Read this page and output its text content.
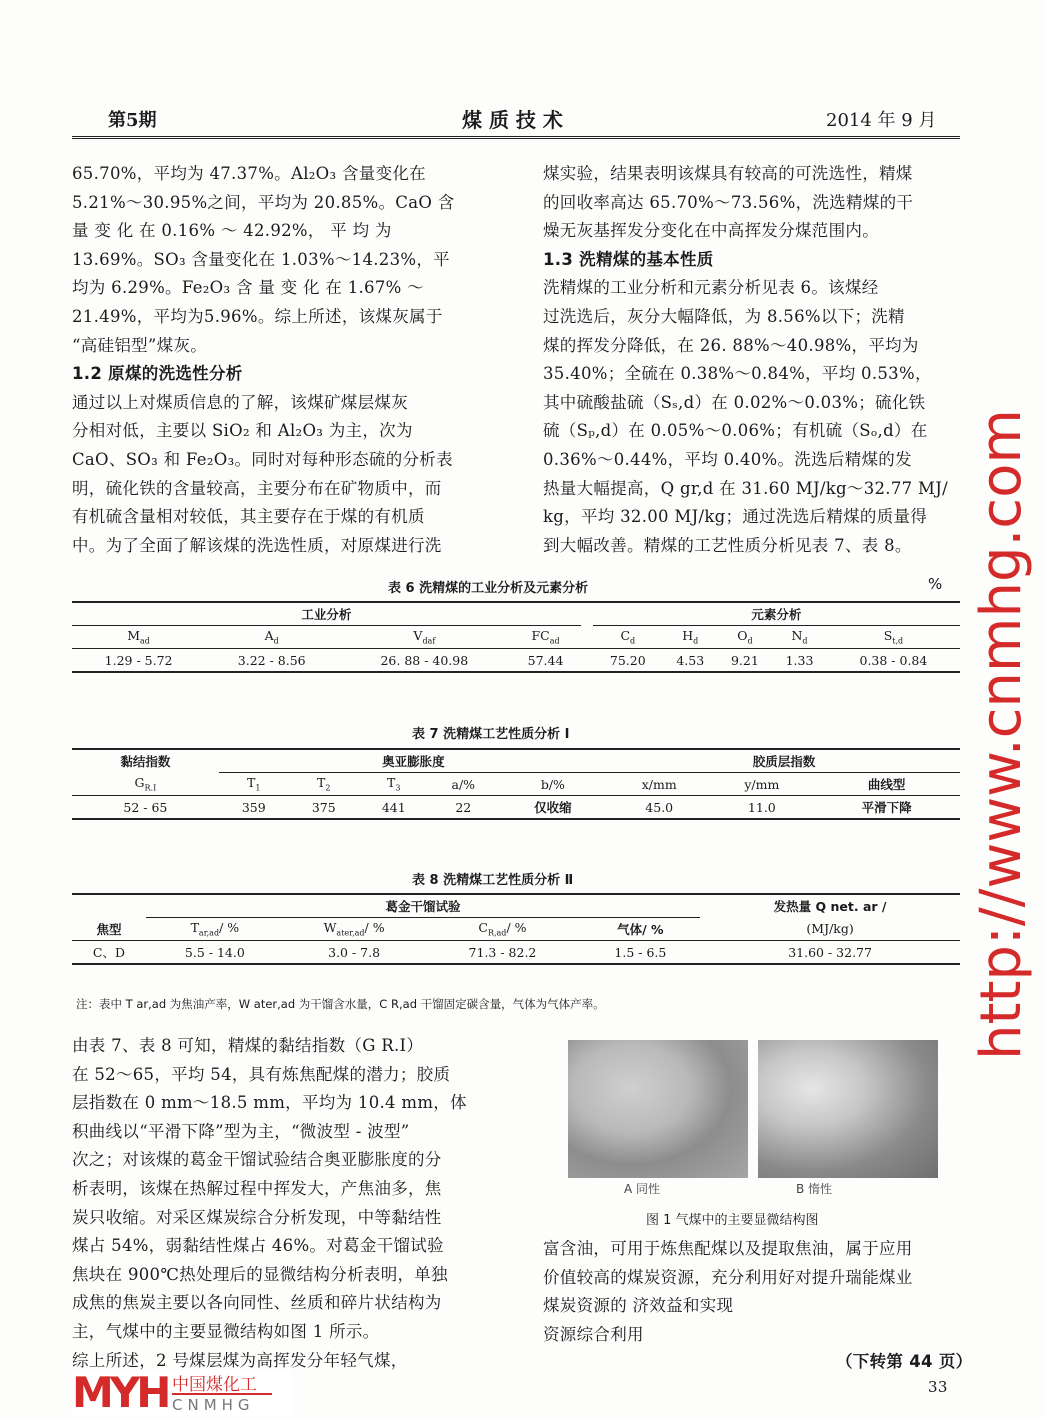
第5期	煤 质 技 术	2014 年 9 月
65.70%，平均为 47.37%。Al₂O₃ 含量变化在
5.21%～30.95%之间，平均为 20.85%。CaO 含
量 变 化 在 0.16% ～ 42.92%， 平 均 为
13.69%。SO₃ 含量变化在 1.03%～14.23%，平
均为 6.29%。Fe₂O₃ 含 量 变 化 在 1.67% ～
21.49%，平均为5.96%。综上所述，该煤灰属于
“高硅铝型”煤灰。
1.2 原煤的洗选性分析
通过以上对煤质信息的了解，该煤矿煤层煤灰
分相对低，主要以 SiO₂ 和 Al₂O₃ 为主，次为
CaO、SO₃ 和 Fe₂O₃。同时对每种形态硫的分析表
明，硫化铁的含量较高，主要分布在矿物质中，而
有机硫含量相对较低，其主要存在于煤的有机质
中。为了全面了解该煤的洗选性质，对原煤进行洗
煤实验，结果表明该煤具有较高的可洗选性，精煤
的回收率高达 65.70%～73.56%，洗选精煤的干
燥无灰基挥发分变化在中高挥发分煤范围内。
1.3 洗精煤的基本性质
洗精煤的工业分析和元素分析见表 6。该煤经
过洗选后，灰分大幅降低，为 8.56%以下；洗精
煤的挥发分降低，在 26. 88%～40.98%，平均为
35.40%；全硫在 0.38%～0.84%，平均 0.53%，
其中硫酸盐硫（Sₛ,d）在 0.02%～0.03%；硫化铁
硫（Sₚ,d）在 0.05%～0.06%；有机硫（Sₒ,d）在
0.36%～0.44%，平均 0.40%。洗选后精煤的发
热量大幅提高，Q gr,d 在 31.60 MJ/kg～32.77 MJ/
kg，平均 32.00 MJ/kg；通过洗选后精煤的质量得
到大幅改善。精煤的工艺性质分析见表 7、表 8。
表 6 洗精煤的工业分析及元素分析	%
工业分析					元素分析				
$M_{ad}$	$A_d$	$V_{daf}$	$FC_{ad}$		$C_d$	$H_d$	$O_d$	$N_d$	$S_{t,d}$
1.29 - 5.72	3.22 - 8.56	26. 88 - 40.98	57.44		75.20	4.53	9.21	1.33	0.38 - 0.84
表 7 洗精煤工艺性质分析 Ⅰ
黏结指数	奥亚膨胀度					胶质层指数		
$G_{R.I}$	$T_1$	$T_2$	$T_3$	a/%	b/%	x/mm	y/mm	曲线型
52 - 65	359	375	441	22	仅收缩	45.0	11.0	平滑下降
表 8 洗精煤工艺性质分析 Ⅱ
	葛金干馏试验				发热量 Q net. ar /
焦型	$T_{ar,ad}/$ %	$W_{ater,ad}/$ %	$C_{R,ad}/$ %	气体/ %	(MJ/kg)
C、D	5.5 - 14.0	3.0 - 7.8	71.3 - 82.2	1.5 - 6.5	31.60 - 32.77
注：表中 T ar,ad 为焦油产率，W ater,ad 为干馏含水量，C R,ad 干馏固定碳含量，气体为气体产率。
由表 7、表 8 可知，精煤的黏结指数（G R.I）
在 52～65，平均 54，具有炼焦配煤的潜力；胶质
层指数在 0 mm～18.5 mm，平均为 10.4 mm，体
积曲线以“平滑下降”型为主，“微波型 - 波型”
次之；对该煤的葛金干馏试验结合奥亚膨胀度的分
析表明，该煤在热解过程中挥发大，产焦油多，焦
炭只收缩。对采区煤炭综合分析发现，中等黏结性
煤占 54%，弱黏结性煤占 46%。对葛金干馏试验
焦块在 900℃热处理后的显微结构分析表明，单独
成焦的焦炭主要以各向同性、丝质和碎片状结构为
主，气煤中的主要显微结构如图 1 所示。
综上所述，2 号煤层煤为高挥发分年轻气煤，
A 同性	B 惰性
图 1 气煤中的主要显微结构图
富含油，可用于炼焦配煤以及提取焦油，属于应用
价值较高的煤炭资源，充分利用好对提升瑞能煤业
煤炭资源的 济效益和实现
资源综合利用
（下转第 44 页）
33
http://www.cnmhg.com
MYH 中国煤化工
CNMHG
